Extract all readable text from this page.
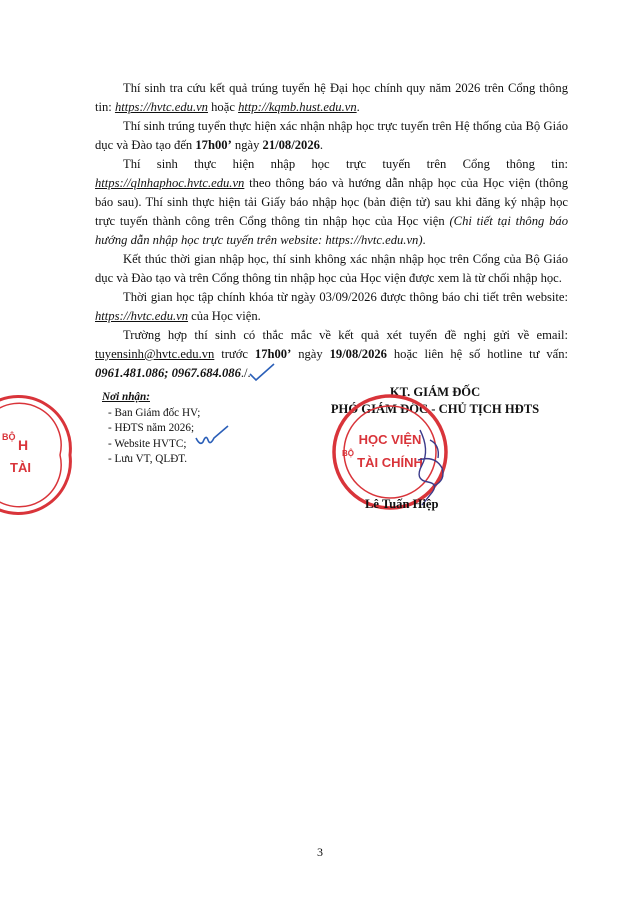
Thí sinh tra cứu kết quả trúng tuyển hệ Đại học chính quy năm 2026 trên Cổng thông tin: https://hvtc.edu.vn hoặc http://kqmb.hust.edu.vn.
Thí sinh trúng tuyển thực hiện xác nhận nhập học trực tuyến trên Hệ thống của Bộ Giáo dục và Đào tạo đến 17h00’ ngày 21/08/2026.
Thí sinh thực hiện nhập học trực tuyến trên Cổng thông tin: https://qlnhaphoc.hvtc.edu.vn theo thông báo và hướng dẫn nhập học của Học viện (thông báo sau). Thí sinh thực hiện tải Giấy báo nhập học (bản điện tử) sau khi đăng ký nhập học trực tuyến thành công trên Cổng thông tin nhập học của Học viện (Chi tiết tại thông báo hướng dẫn nhập học trực tuyến trên website: https://hvtc.edu.vn).
Kết thúc thời gian nhập học, thí sinh không xác nhận nhập học trên Cổng của Bộ Giáo dục và Đào tạo và trên Cổng thông tin nhập học của Học viện được xem là từ chối nhập học.
Thời gian học tập chính khóa từ ngày 03/09/2026 được thông báo chi tiết trên website: https://hvtc.edu.vn của Học viện.
Trường hợp thí sinh có thắc mắc về kết quả xét tuyển đề nghị gửi về email: tuyensinh@hvtc.edu.vn trước 17h00’ ngày 19/08/2026 hoặc liên hệ số hotline tư vấn: 0961.481.086; 0967.684.086./.
Nơi nhận:
- Ban Giám đốc HV;
- HĐTS năm 2026;
- Website HVTC;
- Lưu VT, QLĐT.
H
TÀI
BỘ
KT. GIÁM ĐỐC
PHÓ GIÁM ĐỐC - CHỦ TỊCH HĐTS
HỌC VIỆN
TÀI CHÍNH
BỘ
Lê Tuấn Hiệp
3
